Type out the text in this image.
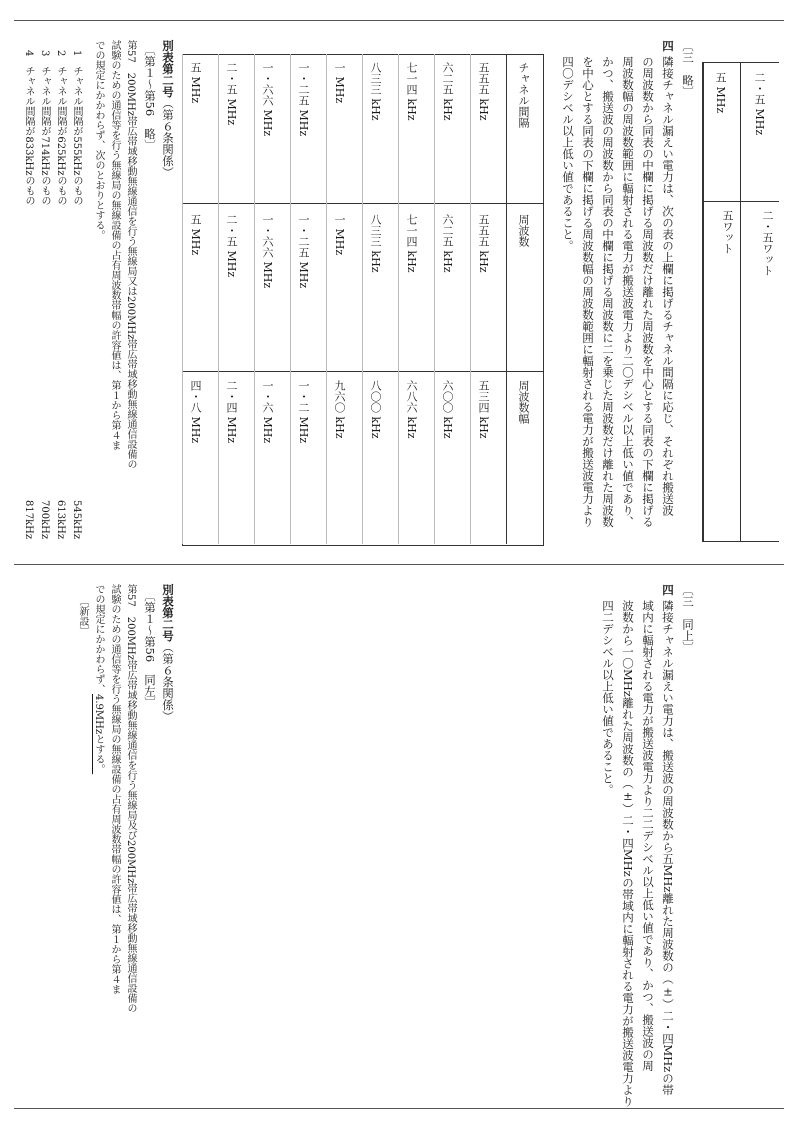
二・五 MHz
五 MHz
二・五ワット
五ワット
〔三　略〕
四
隣接チャネル漏えい電力は、次の表の上欄に掲げるチャネル間隔に応じ、それぞれ搬送波
の周波数から同表の中欄に掲げる周波数だけ離れた周波数を中心とする同表の下欄に掲げる
周波数幅の周波数範囲に輻射される電力が搬送波電力より二〇デシベル以上低い値であり、
かつ、搬送波の周波数から同表の中欄に掲げる周波数に二を乗じた周波数だけ離れた周波数
を中心とする同表の下欄に掲げる周波数幅の周波数範囲に輻射される電力が搬送波電力より
四〇デシベル以上低い値であること。
チャネル間隔
周波数
周波数幅
五五五 kHz
五五五 kHz
五三四 kHz
六二五 kHz
六二五 kHz
六〇〇 kHz
七一四 kHz
七一四 kHz
六八六 kHz
八三三 kHz
八三三 kHz
八〇〇 kHz
一 MHz
一 MHz
九六〇 kHz
一・二五 MHz
一・二五 MHz
一・二 MHz
一・六六 MHz
一・六六 MHz
一・六 MHz
二・五 MHz
二・五 MHz
二・四 MHz
五 MHz
五 MHz
四・八 MHz
別表第二号（第６条関係）
〔第１～第56　略〕
第57　200MHz帯広帯域移動無線通信を行う無線局又は200MHz帯広帯域移動無線通信設備の
試験のための通信等を行う無線局の無線設備の占有周波数帯幅の許容値は、第１から第４ま
での規定にかかわらず、次のとおりとする。
1　チャネル間隔が555kHzのもの
545kHz
2　チャネル間隔が625kHzのもの
613kHz
3　チャネル間隔が714kHzのもの
700kHz
4　チャネル間隔が833kHzのもの
817kHz
〔三　同上〕
四
隣接チャネル漏えい電力は、搬送波の周波数から五MHz離れた周波数の（±）二・四MHzの帯
域内に輻射される電力が搬送波電力より二二デシベル以上低い値であり、かつ、搬送波の周
波数から一〇MHz離れた周波数の（±）二・四MHzの帯域内に輻射される電力が搬送波電力より
四二デシベル以上低い値であること。
別表第二号（第６条関係）
〔第１～第56　同左〕
第57　200MHz帯広帯域移動無線通信を行う無線局及び200MHz帯広帯域移動無線通信設備の
試験のための通信等を行う無線局の無線設備の占有周波数帯幅の許容値は、第１から第４ま
での規定にかかわらず、4.9MHzとする。
〔新設〕
